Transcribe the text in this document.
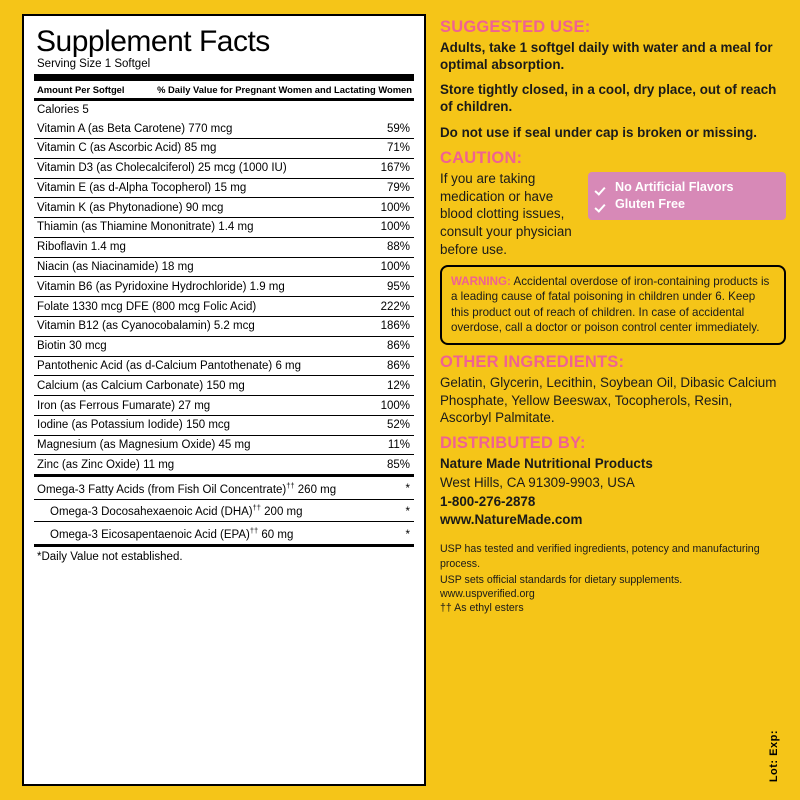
Supplement Facts
Serving Size 1 Softgel
Amount Per Softgel	% Daily Value for Pregnant Women and Lactating Women
Calories 5
Vitamin A (as Beta Carotene) 770 mcg	59%
Vitamin C (as Ascorbic Acid) 85 mg	71%
Vitamin D3 (as Cholecalciferol) 25 mcg (1000 IU)	167%
Vitamin E (as d-Alpha Tocopherol) 15 mg	79%
Vitamin K (as Phytonadione) 90 mcg	100%
Thiamin (as Thiamine Mononitrate) 1.4 mg	100%
Riboflavin 1.4 mg	88%
Niacin (as Niacinamide) 18 mg	100%
Vitamin B6 (as Pyridoxine Hydrochloride) 1.9 mg	95%
Folate 1330 mcg DFE (800 mcg Folic Acid)	222%
Vitamin B12 (as Cyanocobalamin) 5.2 mcg	186%
Biotin 30 mcg	86%
Pantothenic Acid (as d-Calcium Pantothenate) 6 mg	86%
Calcium (as Calcium Carbonate) 150 mg	12%
Iron (as Ferrous Fumarate) 27 mg	100%
Iodine (as Potassium Iodide) 150 mcg	52%
Magnesium (as Magnesium Oxide) 45 mg	11%
Zinc (as Zinc Oxide) 11 mg	85%
Omega-3 Fatty Acids (from Fish Oil Concentrate)†† 260 mg	*
Omega-3 Docosahexaenoic Acid (DHA)†† 200 mg	*
Omega-3 Eicosapentaenoic Acid (EPA)†† 60 mg	*
*Daily Value not established.
SUGGESTED USE:
Adults, take 1 softgel daily with water and a meal for optimal absorption.
Store tightly closed, in a cool, dry place, out of reach of children.
Do not use if seal under cap is broken or missing.
CAUTION:
If you are taking medication or have blood clotting issues, consult your physician before use.
No Artificial Flavors
Gluten Free
WARNING: Accidental overdose of iron-containing products is a leading cause of fatal poisoning in children under 6. Keep this product out of reach of children. In case of accidental overdose, call a doctor or poison control center immediately.
OTHER INGREDIENTS:
Gelatin, Glycerin, Lecithin, Soybean Oil, Dibasic Calcium Phosphate, Yellow Beeswax, Tocopherols, Resin, Ascorbyl Palmitate.
DISTRIBUTED BY:
Nature Made Nutritional Products
West Hills, CA 91309-9903, USA
1-800-276-2878
www.NatureMade.com
USP has tested and verified ingredients, potency and manufacturing process.
USP sets official standards for dietary supplements.
www.uspverified.org
†† As ethyl esters
Lot: Exp:
